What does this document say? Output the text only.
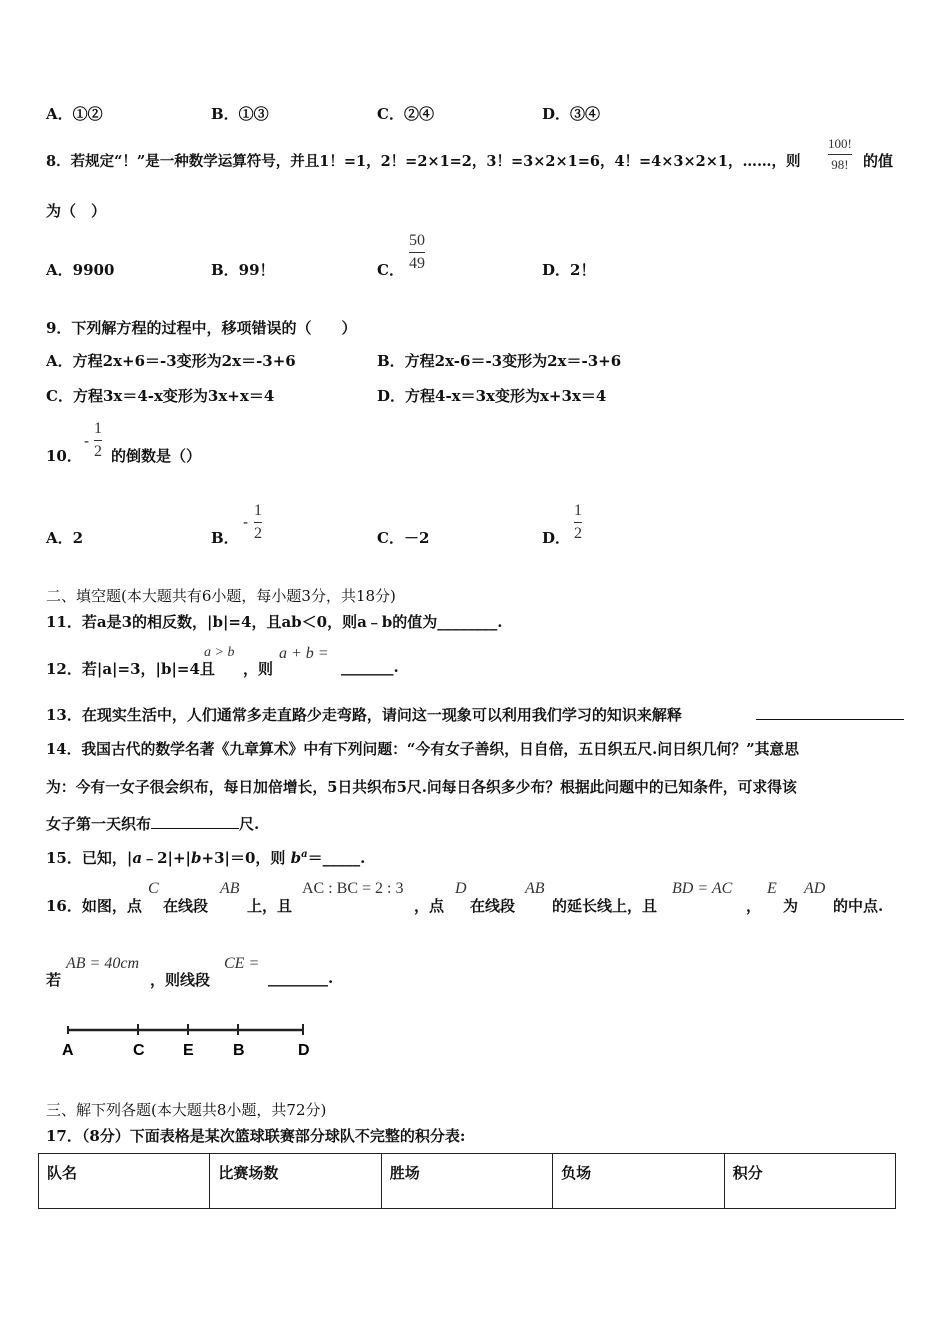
A．①②	B．①③	C．②④	D．③④
8．若规定“！”是一种数学运算符号，并且1！=1，2！=2×1=2，3！=3×2×1=6，4！=4×3×2×1，……，则
100!
98! 的值
为（　）
A．9900	B．99！	C．
50
49	D．2！
9．下列解方程的过程中，移项错误的（　　）
A．方程2x+6＝-3变形为2x＝-3+6	B．方程2x-6＝-3变形为2x＝-3+6
C．方程3x＝4-x变形为3x+x＝4	D．方程4-x＝3x变形为x+3x＝4
10．
-
1
2 的倒数是（）
A．2	B．
-
1
2	C．－2	D．
1
2
二、填空题(本大题共有6小题，每小题3分，共18分)
11．若a是3的相反数，|b|=4，且ab＜0，则a﹣b的值为________.
12．若|a|=3，|b|=4且
a > b
，则
a + b =
_______.
13．在现实生活中，人们通常多走直路少走弯路，请问这一现象可以利用我们学习的知识来解释
14．我国古代的数学名著《九章算术》中有下列问题：“今有女子善织，日自倍，五日织五尺.问日织几何？”其意思
为：今有一女子很会织布，每日加倍增长，5日共织布5尺.问每日各织多少布？根据此问题中的已知条件，可求得该
女子第一天织布	尺.
15．已知，|a﹣2|+|b+3|＝0，则 $b^a=\_\_\_\_\_$.
16．如图，点
C
在线段
AB
上，且
AC : BC = 2 : 3
，点
D
在线段
AB
的延长线上，且
BD = AC
，
E
为
AD
的中点.
若
AB = 40cm
，则线段
CE =
________.
A	C E B	D
三、解下列各题(本大题共8小题，共72分)
17．（8分）下面表格是某次篮球联赛部分球队不完整的积分表:
队名	比赛场数	胜场	负场	积分
